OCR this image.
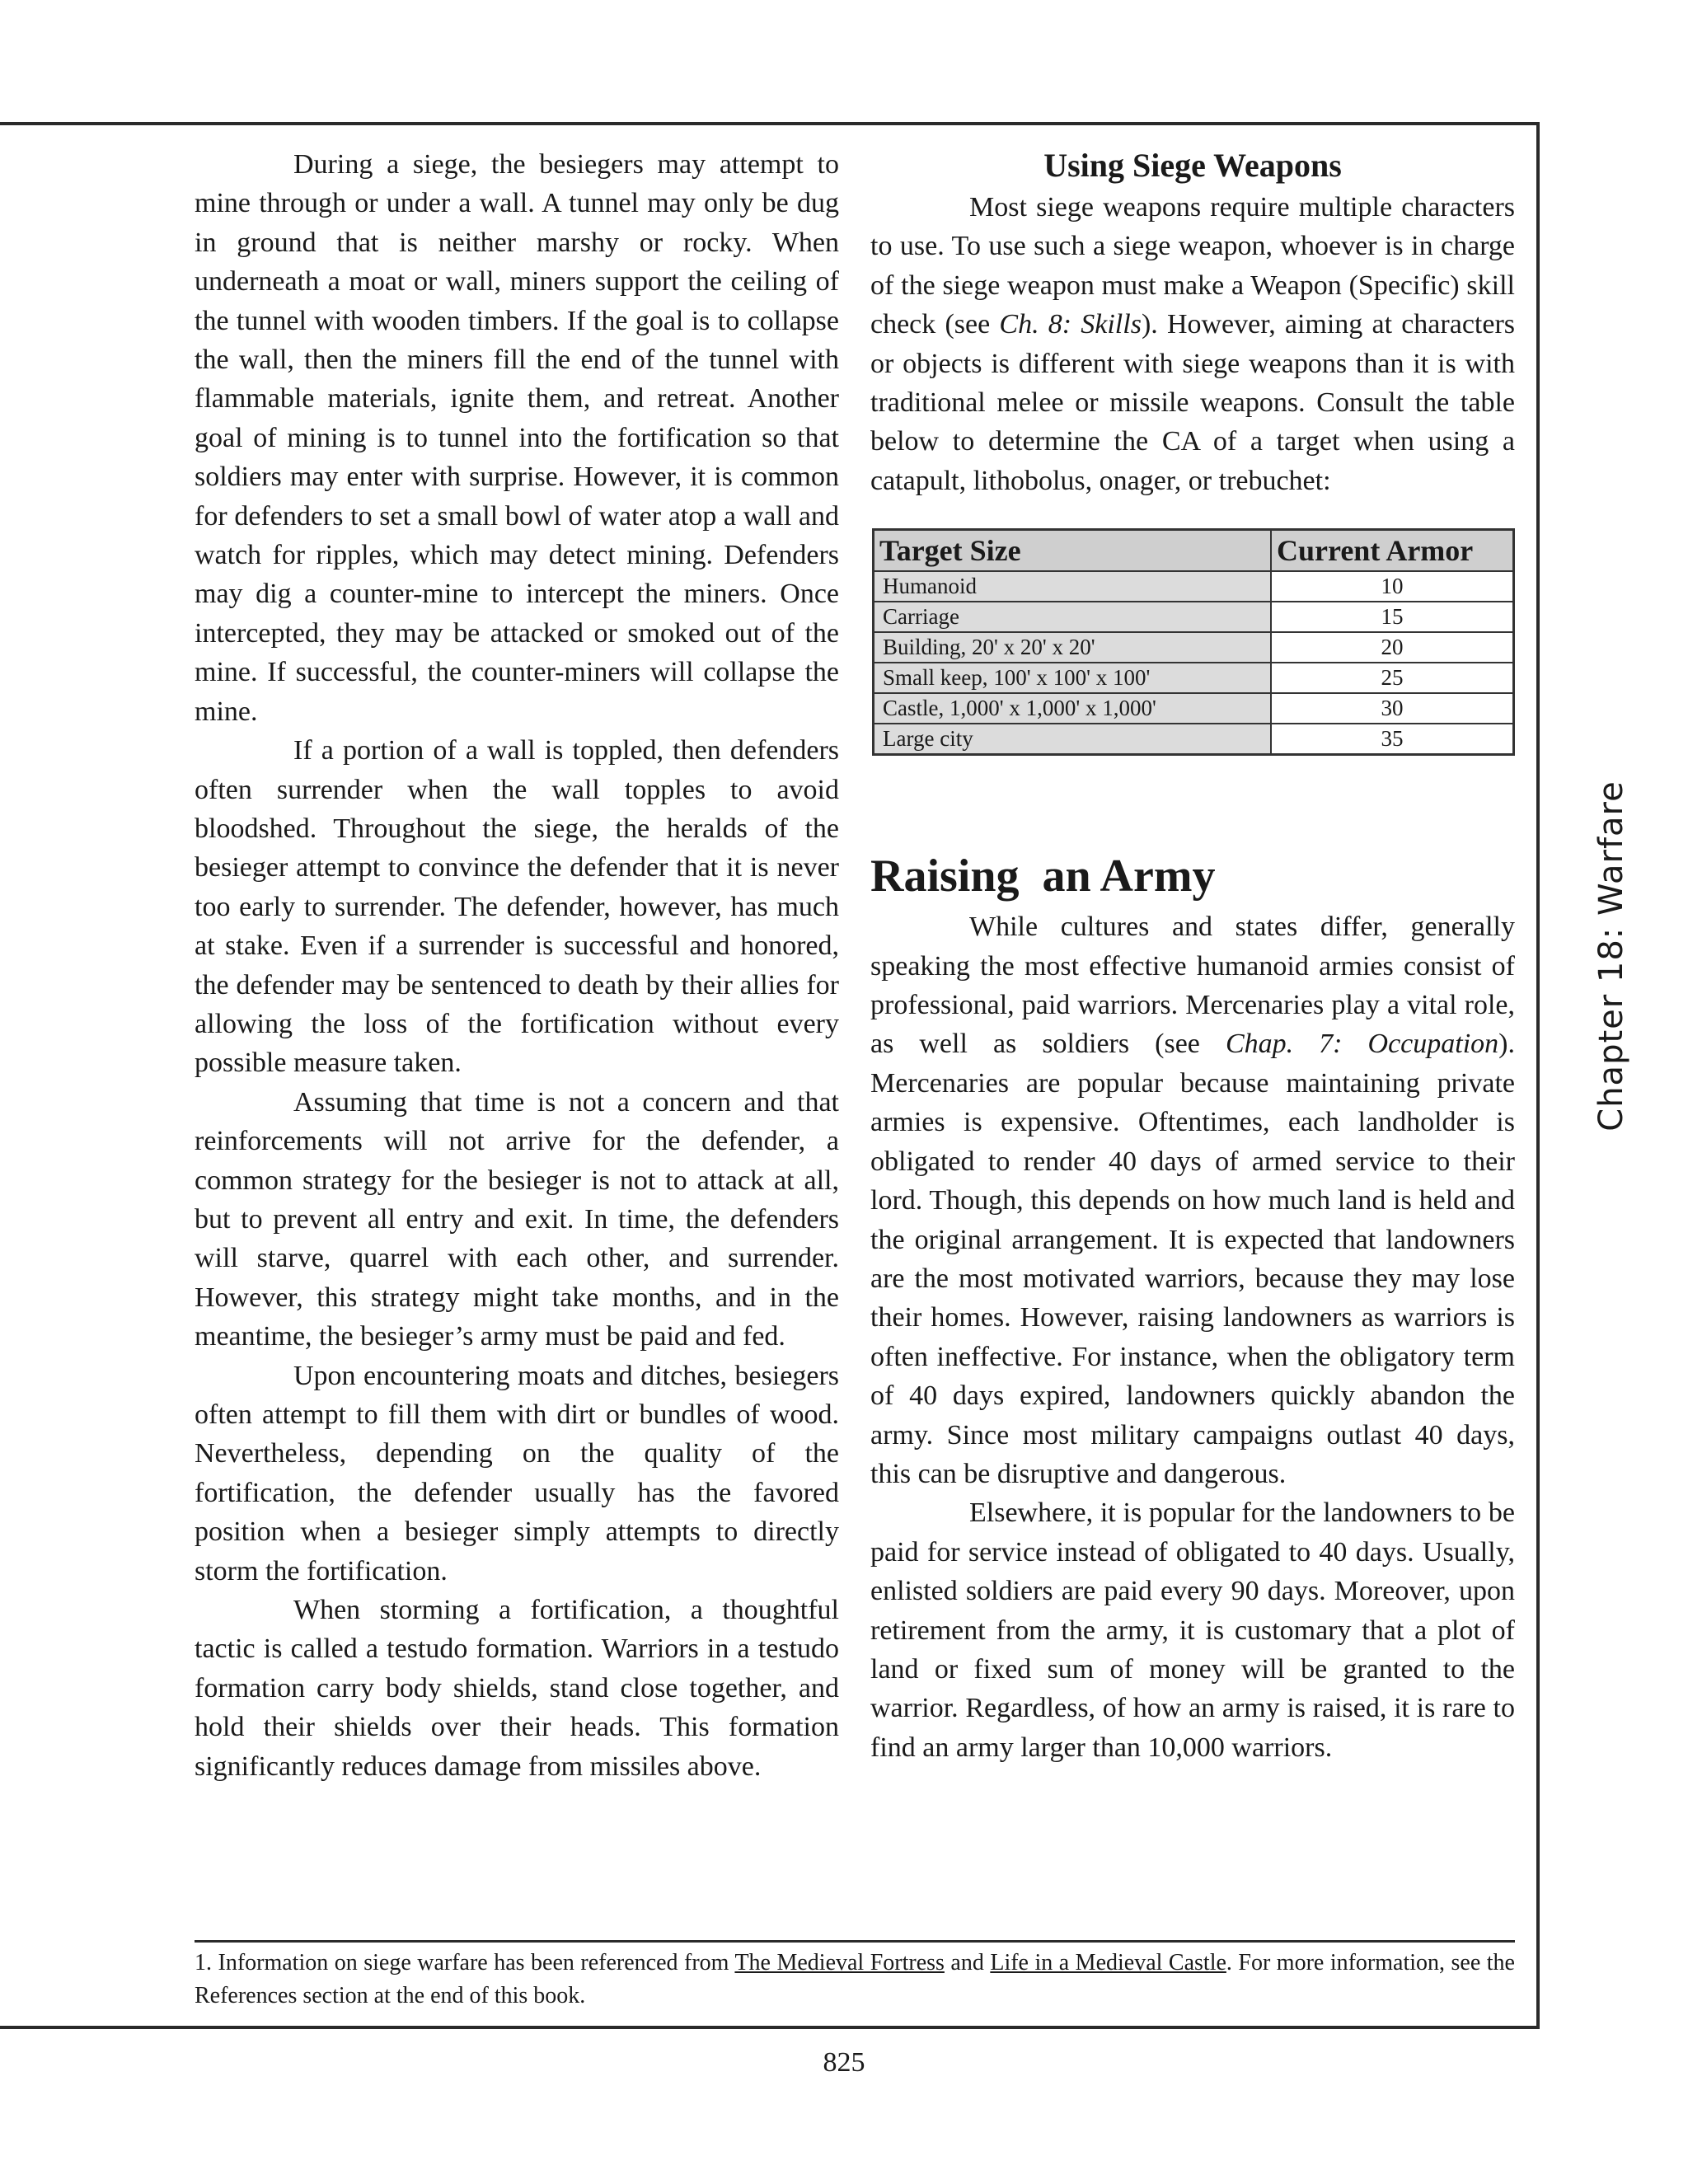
During a siege, the besiegers may attempt to mine through or under a wall. A tunnel may only be dug in ground that is neither marshy or rocky. When underneath a moat or wall, miners support the ceiling of the tunnel with wooden timbers. If the goal is to collapse the wall, then the miners fill the end of the tunnel with flammable materials, ignite them, and retreat. Another goal of mining is to tunnel into the fortification so that soldiers may enter with surprise. However, it is common for defenders to set a small bowl of water atop a wall and watch for ripples, which may detect mining. Defenders may dig a counter-mine to intercept the miners. Once intercepted, they may be attacked or smoked out of the mine. If successful, the counter-miners will collapse the mine.

If a portion of a wall is toppled, then defenders often surrender when the wall topples to avoid bloodshed. Throughout the siege, the heralds of the besieger attempt to convince the defender that it is never too early to surrender. The defender, however, has much at stake. Even if a surrender is successful and honored, the defender may be sentenced to death by their allies for allowing the loss of the fortification without every possible measure taken.

Assuming that time is not a concern and that reinforcements will not arrive for the defender, a common strategy for the besieger is not to attack at all, but to prevent all entry and exit. In time, the defenders will starve, quarrel with each other, and surrender. However, this strategy might take months, and in the meantime, the besieger’s army must be paid and fed.

Upon encountering moats and ditches, besiegers often attempt to fill them with dirt or bundles of wood. Nevertheless, depending on the quality of the fortification, the defender usually has the favored position when a besieger simply attempts to directly storm the fortification.

When storming a fortification, a thoughtful tactic is called a testudo formation. Warriors in a testudo formation carry body shields, stand close together, and hold their shields over their heads. This formation significantly reduces damage from missiles above.

Using Siege Weapons

Most siege weapons require multiple characters to use. To use such a siege weapon, whoever is in charge of the siege weapon must make a Weapon (Specific) skill check (see Ch. 8: Skills). However, aiming at characters or objects is different with siege weapons than it is with traditional melee or missile weapons. Consult the table below to determine the CA of a target when using a catapult, lithobolus, onager, or trebuchet:

Target Size	Current Armor
Humanoid	10
Carriage	15
Building, 20' x 20' x 20'	20
Small keep, 100' x 100' x 100'	25
Castle, 1,000' x 1,000' x 1,000'	30
Large city	35
Raising  an Army

While cultures and states differ, generally speaking the most effective humanoid armies consist of professional, paid warriors. Mercenaries play a vital role, as well as soldiers (see Chap. 7: Occupation). Mercenaries are popular because maintaining private armies is expensive. Oftentimes, each landholder is obligated to render 40 days of armed service to their lord. Though, this depends on how much land is held and the original arrangement. It is expected that landowners are the most motivated warriors, because they may lose their homes. However, raising landowners as warriors is often ineffective. For instance, when the obligatory term of 40 days expired, landowners quickly abandon the army. Since most military campaigns outlast 40 days, this can be disruptive and dangerous.

Elsewhere, it is popular for the landowners to be paid for service instead of obligated to 40 days. Usually, enlisted soldiers are paid every 90 days. Moreover, upon retirement from the army, it is customary that a plot of land or fixed sum of money will be granted to the warrior. Regardless, of how an army is raised, it is rare to find an army larger than 10,000 warriors.

1. Information on siege warfare has been referenced from The Medieval Fortress and Life in a Medieval Castle. For more information, see the References section at the end of this book.
Chapter 18: Warfare
825
